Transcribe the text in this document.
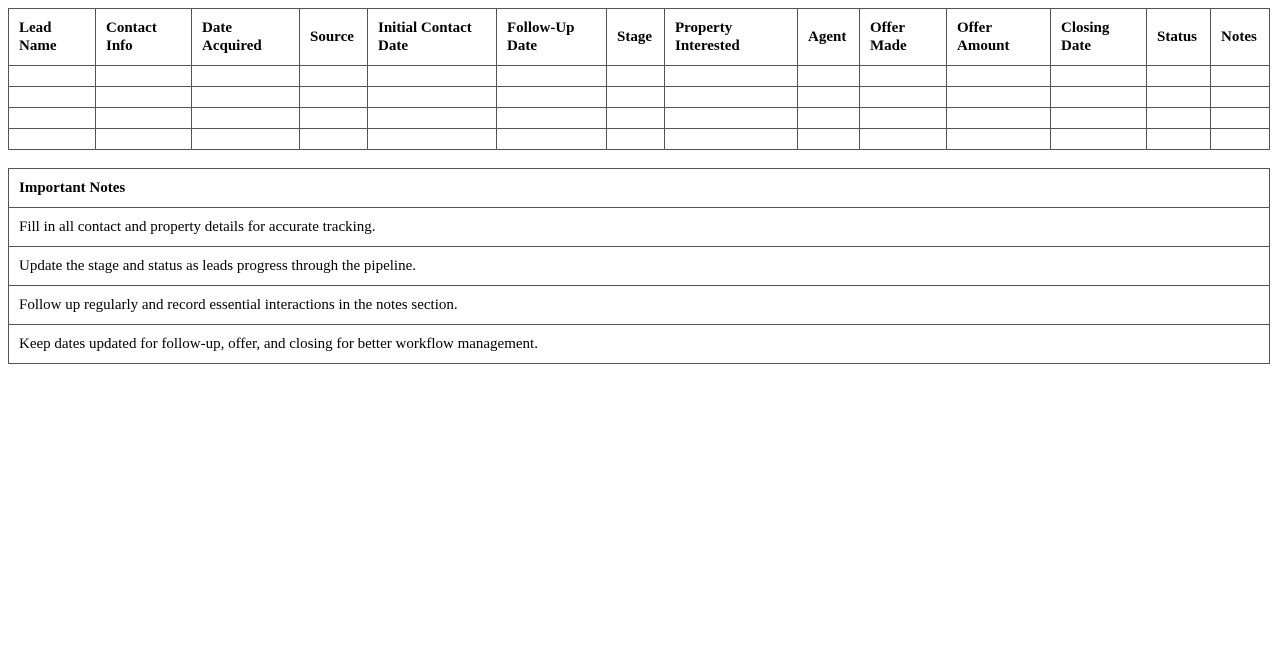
Lead Name	Contact Info	Date Acquired	Source	Initial Contact Date	Follow-Up Date	Stage	Property Interested	Agent	Offer Made	Offer Amount	Closing Date	Status	Notes

Important Notes
Fill in all contact and property details for accurate tracking.
Update the stage and status as leads progress through the pipeline.
Follow up regularly and record essential interactions in the notes section.
Keep dates updated for follow-up, offer, and closing for better workflow management.
